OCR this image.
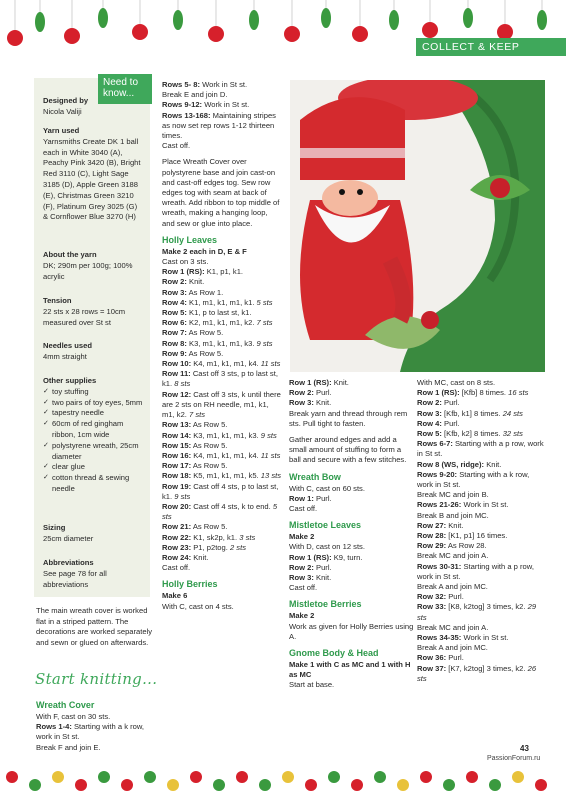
COLLECT & KEEP
Need to know...
Designed by
Nicola Valiji
Yarn used
Yarnsmiths Create DK 1 ball each in White 3040 (A), Peachy Pink 3420 (B), Bright Red 3110 (C), Light Sage 3185 (D), Apple Green 3188 (E), Christmas Green 3210 (F), Platinum Grey 3025 (G) & Cornflower Blue 3270 (H)
About the yarn
DK; 290m per 100g; 100% acrylic
Tension
22 sts x 28 rows = 10cm measured over St st
Needles used
4mm straight
Other supplies
✓ toy stuffing
✓ two pairs of toy eyes, 5mm
✓ tapestry needle
✓ 60cm of red gingham ribbon, 1cm wide
✓ polystyrene wreath, 25cm diameter
✓ clear glue
✓ cotton thread & sewing needle
Sizing
25cm diameter
Abbreviations
See page 78 for all abbreviations
The main wreath cover is worked flat in a striped pattern. The decorations are worked separately and sewn or glued on afterwards.
Start knitting...
Wreath Cover
With F, cast on 30 sts.
Rows 1-4: Starting with a k row, work in St st.
Break F and join E.
Rows 5- 8: Work in St st.
Break E and join D.
Rows 9-12: Work in St st.
Rows 13-168: Maintaining stripes as now set rep rows 1-12 thirteen times.

Cast off.

Place Wreath Cover over polystyrene base and join cast-on and cast-off edges tog. Sew row edges tog with seam at back of wreath. Add ribbon to top middle of wreath, making a hanging loop, and sew or glue into place.

Holly Leaves
Make 2 each in D, E & F
Cast on 3 sts.
Row 1 (RS): K1, p1, k1.
Row 2: Knit.
Row 3: As Row 1.
Row 4: K1, m1, k1, m1, k1. 5 sts
Row 5: K1, p to last st, k1.
Row 6: K2, m1, k1, m1, k2. 7 sts
Row 7: As Row 5.
Row 8: K3, m1, k1, m1, k3. 9 sts
Row 9: As Row 5.
Row 10: K4, m1, k1, m1, k4. 11 sts
Row 11: Cast off 3 sts, p to last st, k1. 8 sts
Row 12: Cast off 3 sts, k until there are 2 sts on RH needle, m1, k1, m1, k2. 7 sts
Row 13: As Row 5.
Row 14: K3, m1, k1, m1, k3. 9 sts
Row 15: As Row 5.
Row 16: K4, m1, k1, m1, k4. 11 sts
Row 17: As Row 5.
Row 18: K5, m1, k1, m1, k5. 13 sts
Row 19: Cast off 4 sts, p to last st, k1. 9 sts
Row 20: Cast off 4 sts, k to end. 5 sts
Row 21: As Row 5.
Row 22: K1, sk2p, k1. 3 sts
Row 23: P1, p2tog. 2 sts
Row 24: Knit.

Cast off.

Holly Berries
Make 6
With C, cast on 4 sts.
Row 1 (RS): Knit.
Row 2: Purl.
Row 3: Knit.

Break yarn and thread through rem sts. Pull tight to fasten.

Gather around edges and add a small amount of stuffing to form a ball and secure with a few stitches.

Wreath Bow
With C, cast on 60 sts.
Row 1: Purl.

Cast off.

Mistletoe Leaves
Make 2
With D, cast on 12 sts.
Row 1 (RS): K9, turn.
Row 2: Purl.
Row 3: Knit.

Cast off.

Mistletoe Berries
Make 2

Work as given for Holly Berries using A.

Gnome Body & Head
Make 1 with C as MC and 1 with H as MC
Start at base.
With MC, cast on 8 sts.
Row 1 (RS): [Kfb] 8 times. 16 sts
Row 2: Purl.
Row 3: [Kfb, k1] 8 times. 24 sts
Row 4: Purl.
Row 5: [Kfb, k2] 8 times. 32 sts
Rows 6-7: Starting with a p row, work in St st.
Row 8 (WS, ridge): Knit.
Rows 9-20: Starting with a k row, work in St st.
Break MC and join B.
Rows 21-26: Work in St st.
Break B and join MC.
Row 27: Knit.
Row 28: [K1, p1] 16 times.
Row 29: As Row 28.
Break MC and join A.
Rows 30-31: Starting with a p row, work in St st.
Break A and join MC.
Row 32: Purl.
Row 33: [K8, k2tog] 3 times, k2. 29 sts
Break MC and join A.
Rows 34-35: Work in St st.
Break A and join MC.
Row 36: Purl.
Row 37: [K7, k2tog] 3 times, k2. 26 sts
43
PassionForum.ru
